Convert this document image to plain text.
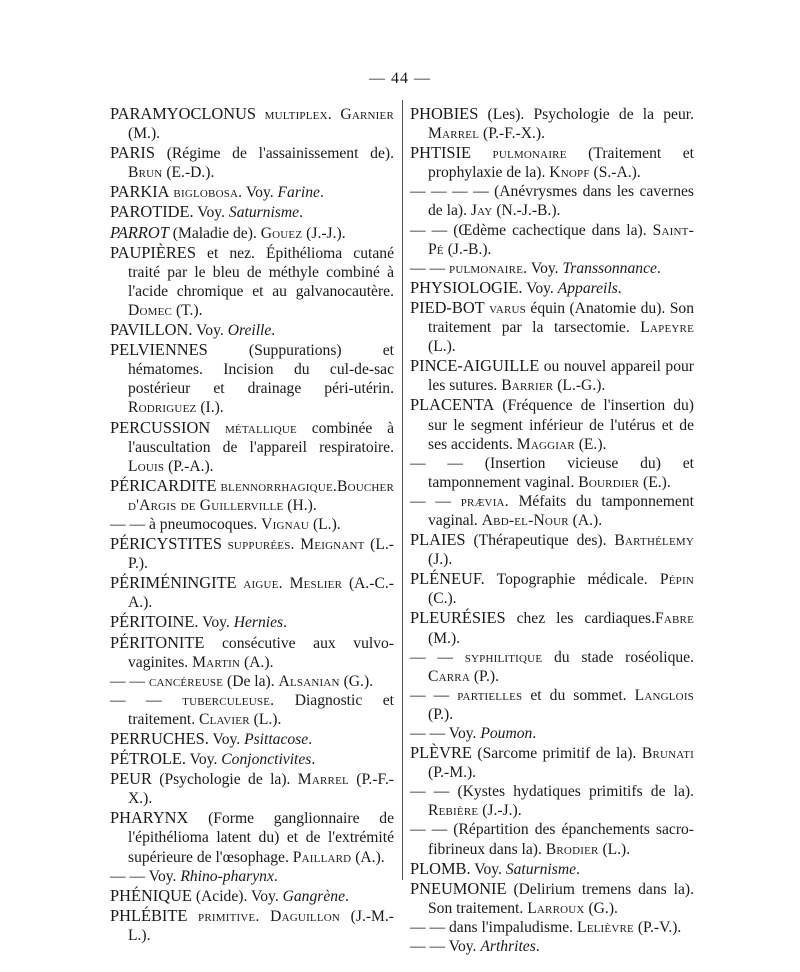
— 44 —

PARAMYOCLONUS multiplex. Garnier (M.).

PARIS (Régime de l'assainissement de). Brun (E.-D.).

PARKIA biglobosa. Voy. Farine.

PAROTIDE. Voy. Saturnisme.

PARROT (Maladie de). Gouez (J.-J.).

PAUPIÈRES et nez. Épithélioma cutané traité par le bleu de méthyle combiné à l'acide chromique et au galvanocautère. Domec (T.).

PAVILLON. Voy. Oreille.

PELVIENNES (Suppurations) et hématomes. Incision du cul-de-sac postérieur et drainage péri-utérin. Rodriguez (I.).

PERCUSSION métallique combinée à l'auscultation de l'appareil respiratoire. Louis (P.-A.).

PÉRICARDITE blennorrhagique.Boucher d'Argis de Guillerville (H.).

— — à pneumocoques. Vignau (L.).

PÉRICYSTITES suppurées. Meignant (L.-P.).

PÉRIMÉNINGITE aigue. Meslier (A.-C.-A.).

PÉRITOINE. Voy. Hernies.

PÉRITONITE consécutive aux vulvo-vaginites. Martin (A.).

— — cancéreuse (De la). Alsanian (G.).

— — tuberculeuse. Diagnostic et traitement. Clavier (L.).

PERRUCHES. Voy. Psittacose.

PÉTROLE. Voy. Conjonctivites.

PEUR (Psychologie de la). Marrel (P.-F.-X.).

PHARYNX (Forme ganglionnaire de l'épithélioma latent du) et de l'extrémité supérieure de l'œsophage. Paillard (A.).

— — Voy. Rhino-pharynx.

PHÉNIQUE (Acide). Voy. Gangrène.

PHLÉBITE primitive. Daguillon (J.-M.-L.).

PHOBIES (Les). Psychologie de la peur. Marrel (P.-F.-X.).

PHTISIE pulmonaire (Traitement et prophylaxie de la). Knopf (S.-A.).

— — — — (Anévrysmes dans les cavernes de la). Jay (N.-J.-B.).

— — (Œdème cachectique dans la). Saint-Pé (J.-B.).

— — pulmonaire. Voy. Transsonnance.

PHYSIOLOGIE. Voy. Appareils.

PIED-BOT varus équin (Anatomie du). Son traitement par la tarsectomie. Lapeyre (L.).

PINCE-AIGUILLE ou nouvel appareil pour les sutures. Barrier (L.-G.).

PLACENTA (Fréquence de l'insertion du) sur le segment inférieur de l'utérus et de ses accidents. Maggiar (E.).

— — (Insertion vicieuse du) et tamponnement vaginal. Bourdier (E.).

— — prævia. Méfaits du tamponnement vaginal. Abd-el-Nour (A.).

PLAIES (Thérapeutique des). Barthélemy (J.).

PLÉNEUF. Topographie médicale. Pépin (C.).

PLEURÉSIES chez les cardiaques.Fabre (M.).

— — syphilitique du stade roséolique. Carra (P.).

— — partielles et du sommet. Langlois (P.).

— — Voy. Poumon.

PLÈVRE (Sarcome primitif de la). Brunati (P.-M.).

— — (Kystes hydatiques primitifs de la). Rebière (J.-J.).

— — (Répartition des épanchements sacro-fibrineux dans la). Brodier (L.).

PLOMB. Voy. Saturnisme.

PNEUMONIE (Delirium tremens dans la). Son traitement. Larroux (G.).

— — dans l'impaludisme. Lelièvre (P.-V.).

— — Voy. Arthrites.
